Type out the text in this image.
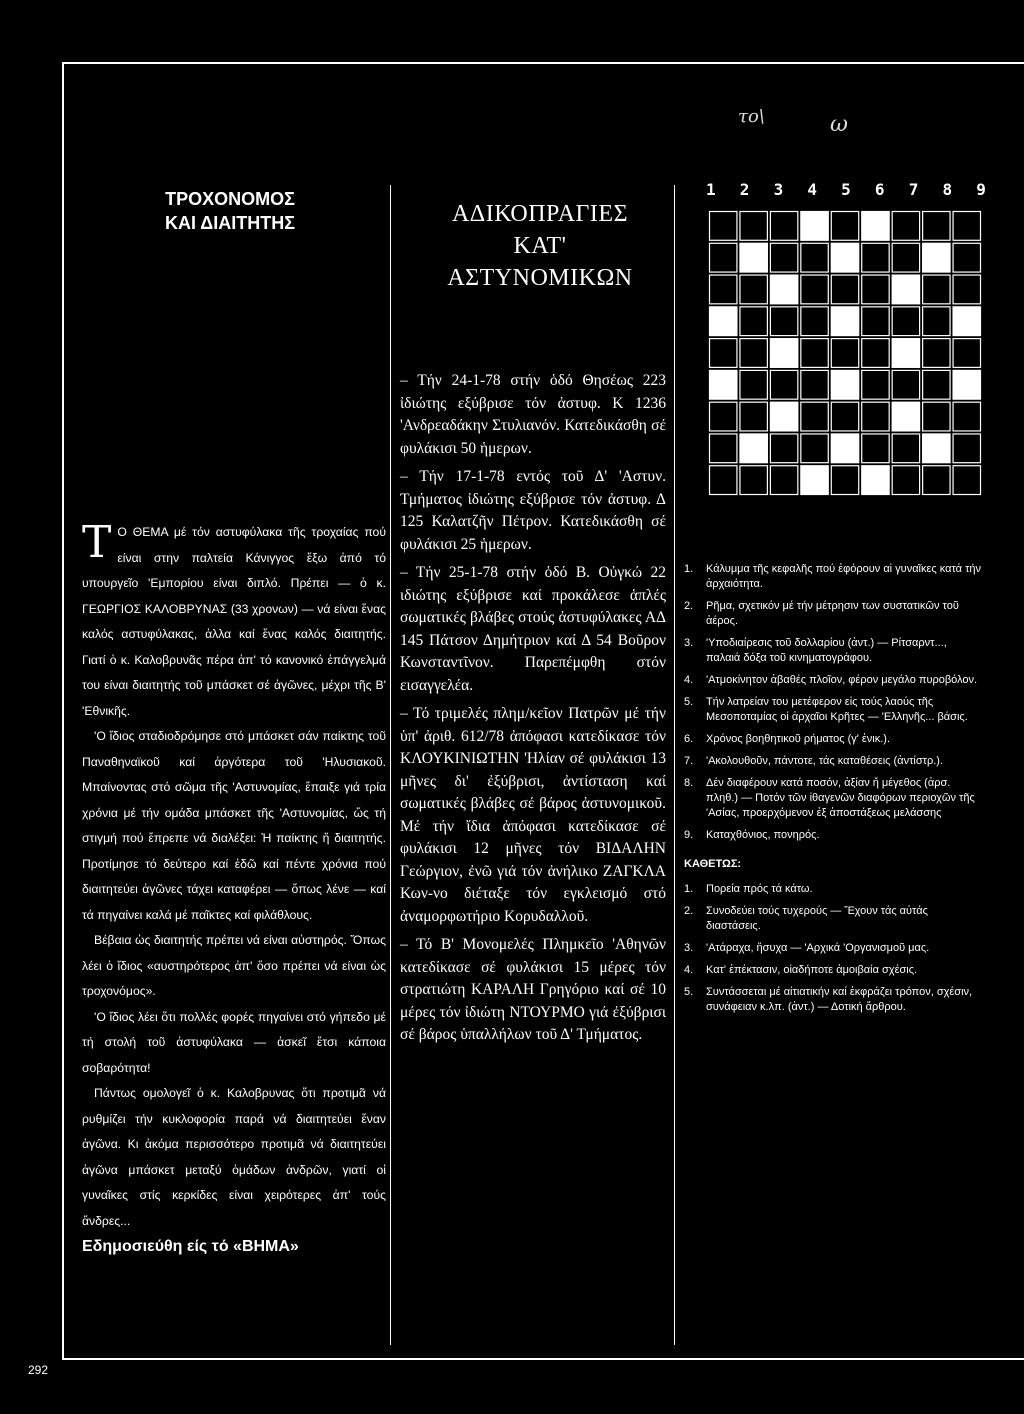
το\	ω
ΤΡΟΧΟΝΟΜΟΣ
ΚΑΙ ΔΙΑΙΤΗΤΗΣ

Τ Ο ΘΕΜΑ μέ τόν αστυφύλακα τῆς τροχαίας πού είναι στην παλτεία Κάνιγγος ἔξω ἀπό τό υπουργεῖο 'Εμπορίου είναι διπλό. Πρέπει — ὁ κ. ΓΕΩΡΓΙΟΣ ΚΑΛΟΒΡΥΝΑΣ (33 χρονων) — νά είναι ἕνας καλός αστυφύλακας, ἀλλα καί ἕνας καλός διαιτητής. Γιατί ὁ κ. Καλοβρυνᾶς πέρα ἀπ' τό κανονικό ἐπάγγελμά του είναι διαιτητής τοῦ μπάσκετ σέ ἀγῶνες, μέχρι τῆς Β' 'Εθνικῆς.

'Ο ἴδιος σταδιοδρόμησε στό μπάσκετ σάν παίκτης τοῦ Παναθηναϊκοῦ καί ἀργότερα τοῦ 'Ηλυσιακοῦ. Μπαίνοντας στό σῶμα τῆς 'Αστυνομίας, ἔπαιξε γιά τρία χρόνια μέ τήν ομάδα μπάσκετ τῆς 'Αστυνομίας, ὥς τή στιγμή πού ἔπρεπε νά διαλέξει: Ἠ παίκτης ἤ διαιτητής. Προτίμησε τό δεύτερο καί ἐδῶ καί πέντε χρόνια πού διαιτητεύει ἀγῶνες τάχει καταφέρει — ὅπως λένε — καί τά πηγαίνει καλά μέ παῖκτες καί φιλάθλους.

Βέβαια ὡς διαιτητής πρέπει νά είναι αὐστηρός. Ὅπως λέει ὁ ἴδιος «αυστηρότερος ἀπ' ὅσο πρέπει νά είναι ὡς τροχονόμος».

'Ο ἴδιος λέει ὅτι πολλές φορές πηγαίνει στό γήπεδο μέ τή στολή τοῦ ἀστυφύλακα — ἀσκεῖ ἔτσι κάποια σοβαρότητα!

Πάντως ομολογεῖ ὁ κ. Καλοβρυνας ὅτι προτιμᾶ νά ρυθμίζει τήν κυκλοφορία παρά νά διαιτητεύει ἕναν ἀγῶνα. Κι ἀκόμα περισσότερο προτιμᾶ νά διαιτητεύει ἀγῶνα μπάσκετ μεταξύ ὁμάδων ἀνδρῶν, γιατί οἱ γυναῖκες στίς κερκίδες είναι χειρότερες ἀπ' τούς ἄνδρες...

Εδημοσιεύθη είς τό «ΒΗΜΑ»

ΑΔΙΚΟΠΡΑΓΙΕΣ
ΚΑΤ'
ΑΣΤΥΝΟΜΙΚΩΝ

– Τήν 24-1-78 στήν ὁδό Θησέως 223 ἰδιώτης εξύβρισε τόν ἀστυφ. Κ 1236 'Ανδρεαδάκην Στυλιανόν. Κατεδικάσθη σέ φυλάκισι 50 ἡμερων.

– Τήν 17-1-78 εντός τοῦ Δ' 'Αστυν. Τμήματος ἰδιώτης εξύβρισε τόν ἀστυφ. Δ 125 Καλατζῆν Πέτρον. Κατεδικάσθη σέ φυλάκισι 25 ἡμερων.

– Τήν 25-1-78 στήν ὁδό Β. Οὐγκώ 22 ιδιώτης εξύβρισε καί προκάλεσε ἁπλές σωματικές βλάβες στούς ἀστυφύλακες ΑΔ 145 Πάτσον Δημήτριον καί Δ 54 Βοῦρον Κωνσταντῖνον. Παρεπέμφθη στόν εισαγγελέα.

– Τό τριμελές πλημ/κεῖον Πατρῶν μέ τήν ὑπ' ἀριθ. 612/78 ἀπόφασι κατεδίκασε τόν ΚΛΟΥΚΙΝΙΩΤΗΝ 'Ηλίαν σέ φυλάκισι 13 μῆνες δι' ἐξύβρισι, ἀντίσταση καί σωματικές βλάβες σέ βάρος ἀστυνομικοῦ. Μέ τήν ἴδια ἀπόφασι κατεδίκασε σέ φυλάκισι 12 μῆνες τόν ΒΙΔΑΛΗΝ Γεώργιον, ἐνῶ γιά τόν ἀνήλικο ΖΑΓΚΛΑ Κων-νο διέταξε τόν εγκλεισμό στό ἀναμορφωτήριο Κορυδαλλοῦ.

– Τό Β' Μονομελές Πλημκεῖο 'Αθηνῶν κατεδίκασε σέ φυλάκισι 15 μέρες τόν στρατιώτη ΚΑΡΑΛΗ Γρηγόριο καί σέ 10 μέρες τόν ἰδιώτη ΝΤΟΥΡΜΟ γιά ἐξύβρισι σέ βάρος ὑπαλλήλων τοῦ Δ' Τμήματος.

1 2 3 4 5 6 7 8 9
1.	Κάλυμμα τῆς κεφαλῆς πού ἐφόρουν αἱ γυναῖκες κατά τήν ἀρχαιότητα.
2.	Ρῆμα, σχετικόν μέ τήν μέτρησιν των συστατικῶν τοῦ ἀέρος.
3.	'Υποδιαίρεσις τοῦ δολλαρίου (ἀντ.) — Ρίτσαρντ..., παλαιά δόξα τοῦ κινηματογράφου.
4.	'Ατμοκίνητον ἀβαθές πλοῖον, φέρον μεγάλο πυροβόλον.
5.	Τήν λατρείαν του μετέφερον εἰς τούς λαούς τῆς Μεσοποταμίας οἱ ἀρχαῖοι Κρῆτες — 'Ελληνῆς... βάσις.
6.	Χρόνος βοηθητικοῦ ρήματος (γ' ἑνικ.).
7.	'Ακολουθοῦν, πάντοτε, τάς καταθέσεις (ἀντίστρ.).
8.	Δέν διαφέρουν κατά ποσόν, ἀξίαν ἤ μέγεθος (ἀρσ. πληθ.) — Ποτόν τῶν ἰθαγενῶν διαφόρων περιοχῶν τῆς 'Ασίας, προερχόμενον ἐξ ἀποστάξεως μελάσσης
9.	Καταχθόνιος, πονηρός.
ΚΑΘΕΤΩΣ:
1.	Πορεία πρός τά κάτω.
2.	Συνοδεύει τούς τυχερούς — Ἔχουν τάς αὐτάς διαστάσεις.
3.	'Ατάραχα, ἥσυχα — 'Αρχικά 'Οργανισμοῦ μας.
4.	Κατ' ἐπέκτασιν, οἱαδήποτε ἀμοιβαία σχέσις.
5.	Συντάσσεται μέ αἰτιατικήν καί ἐκφράζει τρόπον, σχέσιν, συνάφειαν κ.λπ. (ἀντ.) — Δοτική ἄρθρου.
292
